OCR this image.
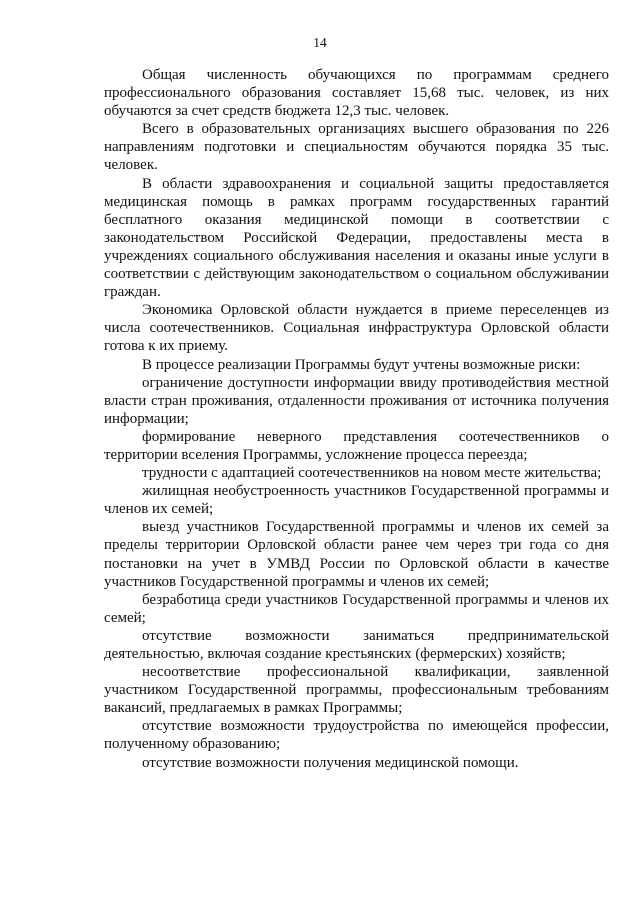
14

Общая численность обучающихся по программам среднего профессионального образования составляет 15,68 тыс. человек, из них обучаются за счет средств бюджета 12,3 тыс. человек.

Всего в образовательных организациях высшего образования по 226 направлениям подготовки и специальностям обучаются порядка 35 тыс. человек.

В области здравоохранения и социальной защиты предоставляется медицинская помощь в рамках программ государственных гарантий бесплатного оказания медицинской помощи в соответствии с законодательством Российской Федерации, предоставлены места в учреждениях социального обслуживания населения и оказаны иные услуги в соответствии с действующим законодательством о социальном обслуживании граждан.

Экономика Орловской области нуждается в приеме переселенцев из числа соотечественников. Социальная инфраструктура Орловской области готова к их приему.

В процессе реализации Программы будут учтены возможные риски:

ограничение доступности информации ввиду противодействия местной власти стран проживания, отдаленности проживания от источника получения информации;

формирование неверного представления соотечественников о территории вселения Программы, усложнение процесса переезда;

трудности с адаптацией соотечественников на новом месте жительства;

жилищная необустроенность участников Государственной программы и членов их семей;

выезд участников Государственной программы и членов их семей за пределы территории Орловской области ранее чем через три года со дня постановки на учет в УМВД России по Орловской области в качестве участников Государственной программы и членов их семей;

безработица среди участников Государственной программы и членов их семей;

отсутствие возможности заниматься предпринимательской деятельностью, включая создание крестьянских (фермерских) хозяйств;

несоответствие профессиональной квалификации, заявленной участником Государственной программы, профессиональным требованиям вакансий, предлагаемых в рамках Программы;

отсутствие возможности трудоустройства по имеющейся профессии, полученному образованию;

отсутствие возможности получения медицинской помощи.
